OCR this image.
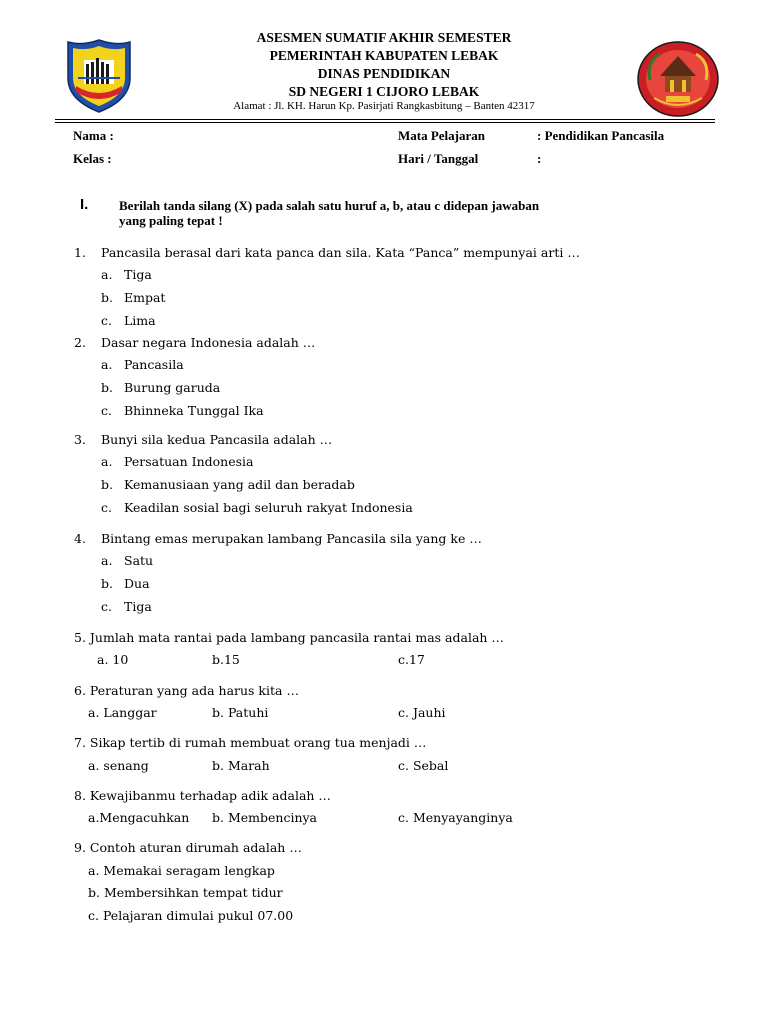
ASESMEN SUMATIF AKHIR SEMESTER
PEMERINTAH KABUPATEN LEBAK
DINAS PENDIDIKAN
SD NEGERI 1 CIJORO LEBAK
Alamat : Jl. KH. Harun Kp. Pasirjati Rangkasbitung – Banten 42317
Nama :
Kelas :
Mata Pelajaran	: Pendidikan Pancasila
Hari / Tanggal	:
I. Berilah tanda silang (X) pada salah satu huruf a, b, atau c didepan jawaban
yang paling tepat !
1. Pancasila berasal dari kata panca dan sila. Kata “Panca” mempunyai arti …
a. Tiga
b. Empat
c. Lima
2. Dasar negara Indonesia adalah …
a. Pancasila
b. Burung garuda
c. Bhinneka Tunggal Ika
3. Bunyi sila kedua Pancasila adalah …
a. Persatuan Indonesia
b. Kemanusiaan yang adil dan beradab
c. Keadilan sosial bagi seluruh rakyat Indonesia
4. Bintang emas merupakan lambang Pancasila sila yang ke …
a. Satu
b. Dua
c. Tiga
5. Jumlah mata rantai pada lambang pancasila rantai mas adalah …
a. 10	b.15	c.17
6. Peraturan yang ada harus kita …
a. Langgar	b. Patuhi	c. Jauhi
7. Sikap tertib di rumah membuat orang tua menjadi …
a. senang	b. Marah	c. Sebal
8. Kewajibanmu terhadap adik adalah …
a.Mengacuhkan b. Membencinya	c. Menyayanginya
9. Contoh aturan dirumah adalah …
a. Memakai seragam lengkap
b. Membersihkan tempat tidur
c. Pelajaran dimulai pukul 07.00
